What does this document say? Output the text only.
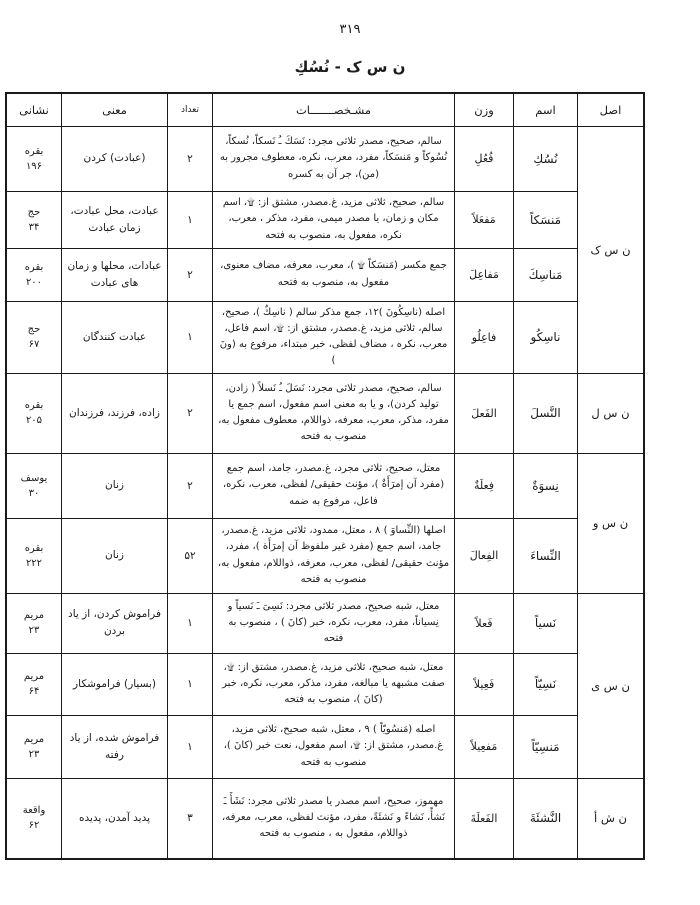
۳۱۹
ن س ک - نُسُكِ
اصل	اسم	وزن	مشـخصـــــــات	تعداد	معنی	نشانی
ن س ک	نُسُكِ	فُعُلِ	سالم، صحیح، مصدر ثلاثی مجرد: نَسَكَ ـُ نَسكاً، نُسكاً، نُسُوكاً و مَنسَكاً، مفرد، معرب، نكره، معطوف مجرور به (من)، جر آن به كسره	۲	(عبادت) كردن	بقره
۱۹۶

	مَنسَكاً	مَفعَلاً	سالم، صحیح، ثلاثی مزید، غ.مصدر، مشتق از: ۩، اسم مكان و زمان، یا مصدر میمی، مفرد، مذكر ، معرب، نكره، مفعول به، منصوب به فتحه	۱	عبادت، محل عبادت، زمان عبادت	حج
۳۴

	مَناسِكَ	مَفاعِلَ	جمع مكسر (مَنسَكاً ۩ )، معرب، معرفه، مضاف معنوی، مفعول به، منصوب به فتحه	۲	عبادات، محلها و زمان های عبادت	بقره
۲۰۰

	ناسِكُو	فاعِلُو	اصله (ناسِكُونَ )۱۲، جمع مذكر سالم ( ناسِكٌ )، صحیح، سالم، ثلاثی مزید، غ.مصدر، مشتق از: ۩، اسم فاعل، معرب، نكره ، مضاف لفظی، خبر مبتداء، مرفوع به (ونَ )	۱	عبادت كنندگان	حج
۶۷

ن س ل	النَّسلَ	الفَعلَ	سالم، صحیح، مصدر ثلاثی مجرد: نَسَلَ ـُ نَسلاً ( زادن، تولید كردن)، و یا به معنی اسم مفعول، اسم جمع یا مفرد، مذكر، معرب، معرفه، ذواللام، معطوف مفعول به، منصوب به فتحه	۲	زاده، فرزند، فرزندان	بقره
۲۰۵

ن س و	نِسوَةٌ	فِعلَةٌ	معتل، صحیح، ثلاثی مجرد، غ.مصدر، جامد، اسم جمع (مفرد آن إمرَأَةٌ )، مؤنث حقیقی/ لفظی، معرب، نكره، فاعل، مرفوع به ضمه	۲	زنان	یوسف
۳۰

	النِّساءَ	الفِعالَ	اصلها (النِّساوَ ) ۸ ، معتل، ممدود، ثلاثی مزید، غ.مصدر، جامد، اسم جمع (مفرد غیر ملفوظ آن إمرَأَة )، مفرد، مؤنث حقیقی/ لفظی، معرب، معرفه، ذواللام، مفعول به، منصوب به فتحه	۵۲	زنان	بقره
۲۲۲

ن س ی	نَسیاً	فَعلاً	معتل، شبه صحیح، مصدر ثلاثی مجرد: نَسِیَ ـَ نَسیاً و نِسیاناً، مفرد، معرب، نكره، خبر (كانَ ) ، منصوب به فتحه	۱	فراموش كردن، از یاد بردن	مریم
۲۳

	نَسِیّاً	فَعِیلاً	معتل، شبه صحیح، ثلاثی مزید، غ.مصدر، مشتق از: ۩، صفت مشبهه یا مبالغه، مفرد، مذكر، معرب، نكره، خبر (كانَ )، منصوب به فتحه	۱	(بسیار) فراموشكار	مریم
۶۴

	مَنسِیّاً	مَفعِیلاً	اصله (مَنسُویّاً ) ۹ ، معتل، شبه صحیح، ثلاثی مزید، غ.مصدر، مشتق از: ۩، اسم مفعول، نعت خبر (كانَ )، منصوب به فتحه	۱	فراموش شده، از یاد رفته	مریم
۲۳

ن ش أ	النَّشئَةَ	الفَعلَةَ	مهموز، صحیح، اسم مصدر یا مصدر ثلاثی مجرد: نَشَأَ ـَ نَشأً، نَشاءً و نَشئَةً، مفرد، مؤنث لفظی، معرب، معرفه، ذواللام، مفعول به ، منصوب به فتحه	۳	پدید آمدن، پدیده	واقعة
۶۲
